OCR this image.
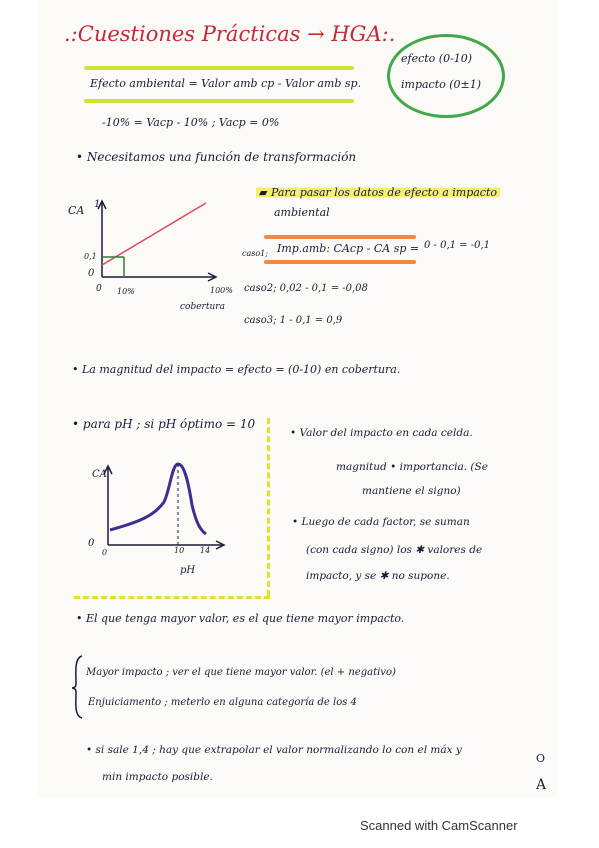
.:Cuestiones Prácticas → HGA:.
efecto (0-10)
impacto (0±1)
Efecto ambiental = Valor amb cp - Valor amb sp.
-10% = Vacp - 10% ; Vacp = 0%
• Necesitamos una función de transformación
CA 1
0,1
0
0 10%	100%
cobertura
▰ Para pasar los datos de efecto a impacto
ambiental
caso1; Imp.amb: CAcp - CA sp = 0 - 0,1 = -0,1
caso2; 0,02 - 0,1 = -0,08
caso3; 1 - 0,1 = 0,9
• La magnitud del impacto = efecto = (0-10) en cobertura.
• para pH ; si pH óptimo = 10
CA
0
0	10 14
pH
• Valor del impacto en cada celda.
magnitud • importancia. (Se
mantiene el signo)
• Luego de cada factor, se suman
(con cada signo) los ✱ valores de
impacto, y se ✱ no supone.
• El que tenga mayor valor, es el que tiene mayor impacto.
Mayor impacto ; ver el que tiene mayor valor. (el + negativo)
Enjuiciamento ; meterlo en alguna categoría de los 4
• si sale 1,4 ; hay que extrapolar el valor normalizando lo con el máx y
min impacto posible.
O
A
Scanned with CamScanner
